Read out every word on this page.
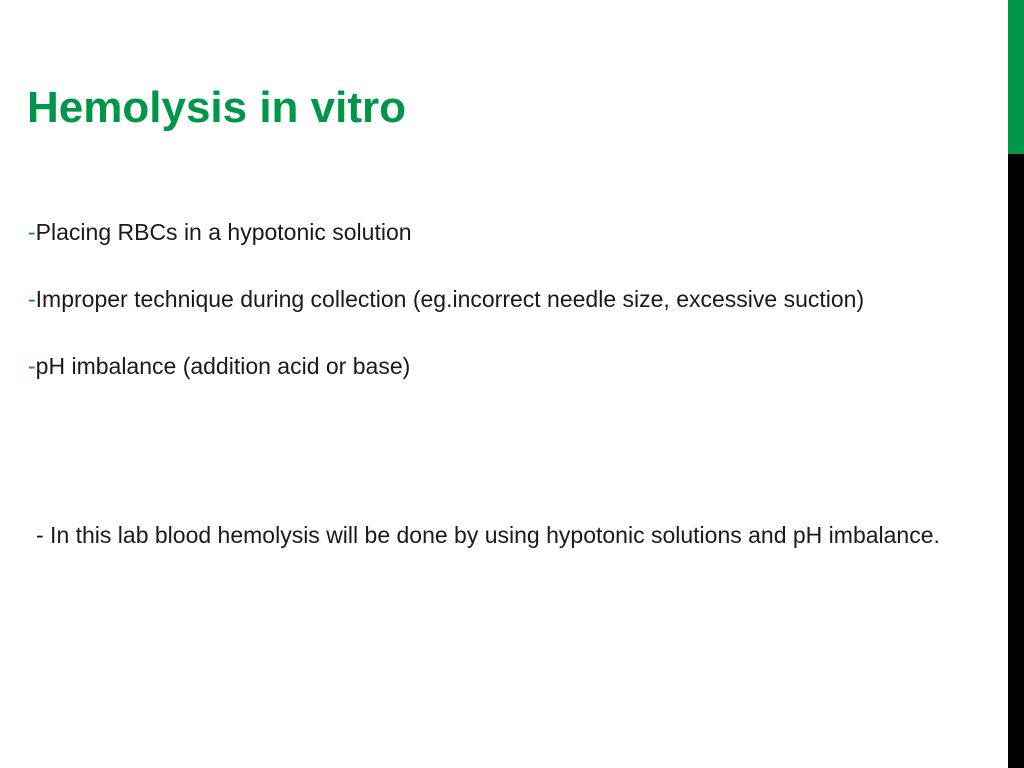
Hemolysis in vitro
-Placing RBCs in a hypotonic solution
-Improper technique during collection (eg.incorrect needle size, excessive suction)
-pH imbalance (addition acid or base)

- In this lab blood hemolysis will be done by using hypotonic solutions and pH imbalance.
